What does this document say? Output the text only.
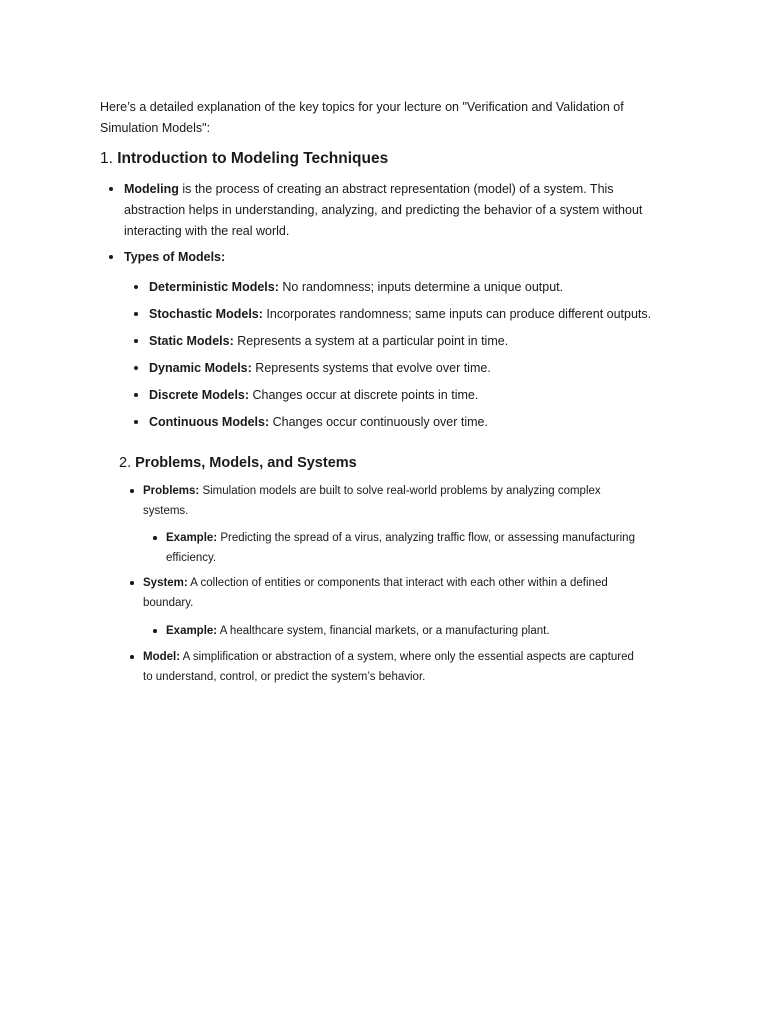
Here’s a detailed explanation of the key topics for your lecture on "Verification and Validation of Simulation Models":

1. Introduction to Modeling Techniques
Modeling is the process of creating an abstract representation (model) of a system. This abstraction helps in understanding, analyzing, and predicting the behavior of a system without interacting with the real world.
Types of Models:
Deterministic Models: No randomness; inputs determine a unique output.
Stochastic Models: Incorporates randomness; same inputs can produce different outputs.
Static Models: Represents a system at a particular point in time.
Dynamic Models: Represents systems that evolve over time.
Discrete Models: Changes occur at discrete points in time.
Continuous Models: Changes occur continuously over time.
2. Problems, Models, and Systems
Problems: Simulation models are built to solve real-world problems by analyzing complex systems.
Example: Predicting the spread of a virus, analyzing traffic flow, or assessing manufacturing efficiency.
System: A collection of entities or components that interact with each other within a defined boundary.
Example: A healthcare system, financial markets, or a manufacturing plant.
Model: A simplification or abstraction of a system, where only the essential aspects are captured to understand, control, or predict the system’s behavior.
